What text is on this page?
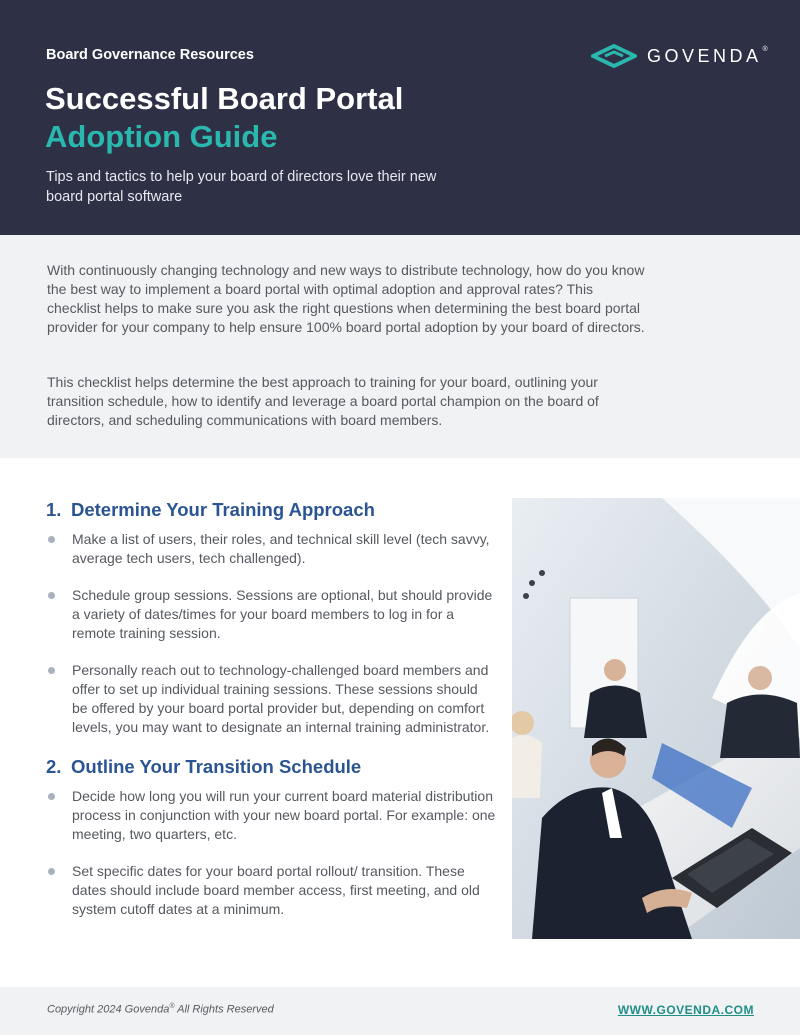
Board Governance Resources	GOVENDA®
Successful Board Portal
Adoption Guide

Tips and tactics to help your board of directors love their new board portal software

With continuously changing technology and new ways to distribute technology, how do you know the best way to implement a board portal with optimal adoption and approval rates? This checklist helps to make sure you ask the right questions when determining the best board portal provider for your company to help ensure 100% board portal adoption by your board of directors.

This checklist helps determine the best approach to training for your board, outlining your transition schedule, how to identify and leverage a board portal champion on the board of directors, and scheduling communications with board members.

1. Determine Your Training Approach
Make a list of users, their roles, and technical skill level (tech savvy, average tech users, tech challenged).
Schedule group sessions. Sessions are optional, but should provide a variety of dates/times for your board members to log in for a remote training session.
Personally reach out to technology-challenged board members and offer to set up individual training sessions. These sessions should be offered by your board portal provider but, depending on comfort levels, you may want to designate an internal training administrator.
2. Outline Your Transition Schedule
Decide how long you will run your current board material distribution process in conjunction with your new board portal. For example: one meeting, two quarters, etc.
Set specific dates for your board portal rollout/ transition. These dates should include board member access, first meeting, and old system cutoff dates at a minimum.
Copyright 2024 Govenda® All Rights Reserved	WWW.GOVENDA.COM
